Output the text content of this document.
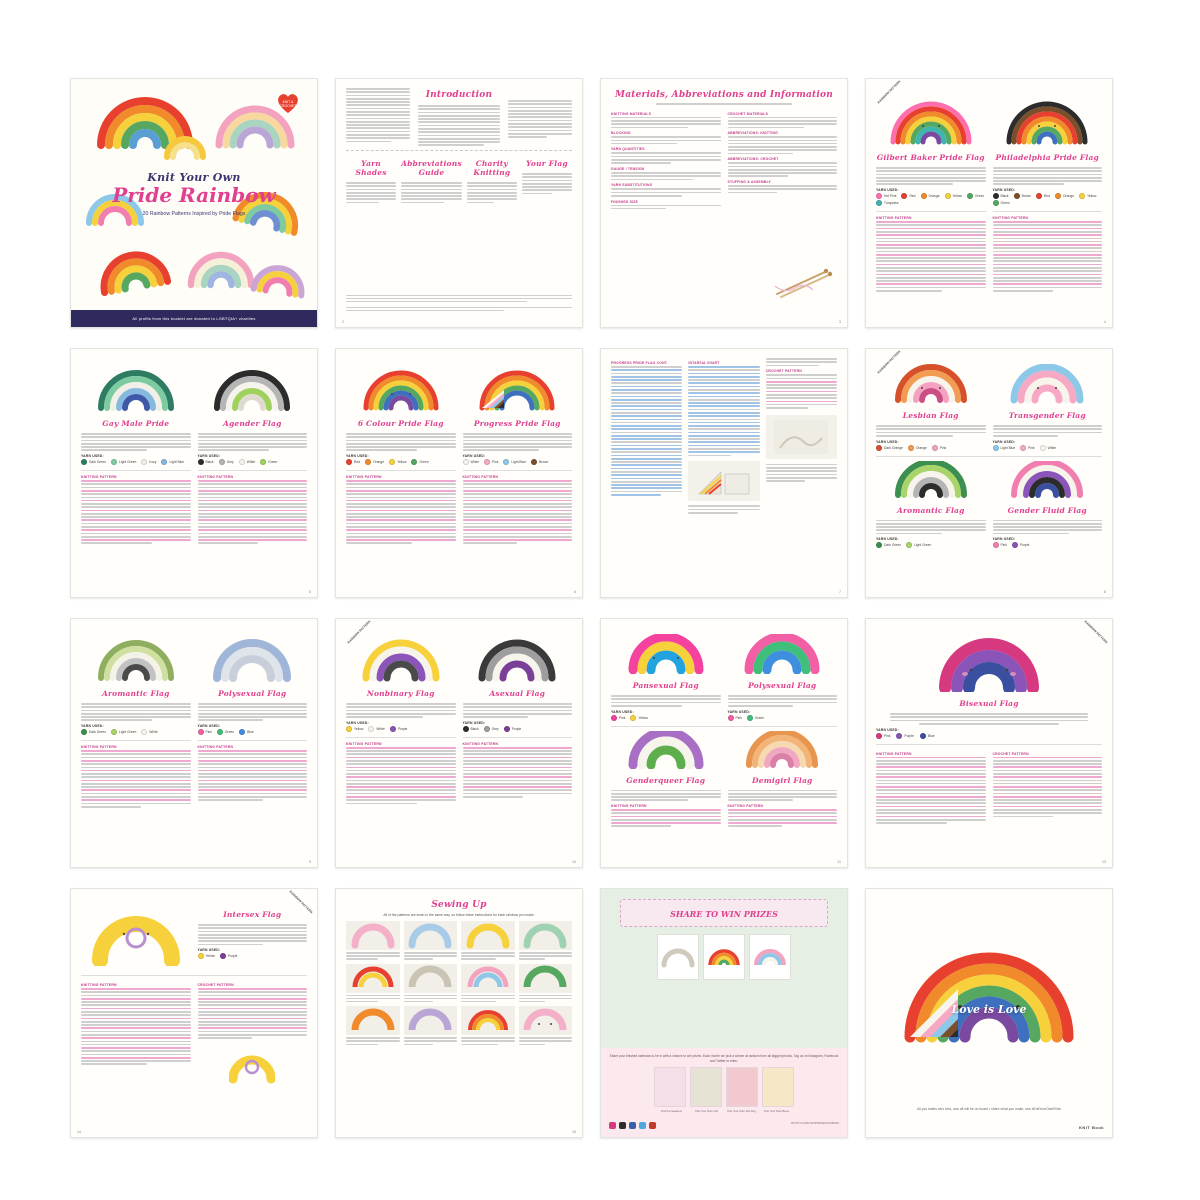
KNIT &
CROCHET
Knit Your Own
Pride Rainbow
20 Rainbow Patterns Inspired by Pride Flags
All profits from this booklet are donated to LGBTQIA+ charities
Introduction
Yarn Shades
Abbreviations Guide
Charity Knitting
Your Flag
2
Materials, Abbreviations and Information
KNITTING MATERIALS
BLOCKING
YARN QUANTITIES
GAUGE / TENSION
YARN SUBSTITUTIONS
FINISHED SIZE
CROCHET MATERIALS
ABBREVIATIONS: KNITTING
ABBREVIATIONS: CROCHET
STUFFING & ASSEMBLY
3
RAINBOW PATTERN
Gilbert Baker Pride Flag
YARN USED:
Hot Pink	Red	Orange	Yellow	Green
Turquoise
KNITTING PATTERN
Philadelphia Pride Flag
YARN USED:
Black	Brown	Red	Orange	Yellow
Green
KNITTING PATTERN
4
Gay Male Pride
YARN USED:
Dark Green	Light Green	Ivory	Light Blue
KNITTING PATTERN
Agender Flag
YARN USED:
Black	Grey	White	Green
KNITTING PATTERN
5
6 Colour Pride Flag
YARN USED:
Red	Orange	Yellow	Green
KNITTING PATTERN
Progress Pride Flag
YARN USED:
White	Pink	Light Blue	Brown
KNITTING PATTERN
6
PROGRESS PRIDE FLAG CONT.	INTARSIA CHART
CROCHET PATTERN
7
RAINBOW PATTERN
Lesbian Flag
YARN USED:
Dark Orange	Orange	Pink
Transgender Flag
YARN USED:
Light Blue	Pink	White
Aromantic Flag
YARN USED:
Dark Green	Light Green
Gender Fluid Flag
YARN USED:
Pink	Purple
8
Aromantic Flag
YARN USED:
Dark Green	Light Green	White
KNITTING PATTERN
Polysexual Flag
YARN USED:
Pink	Green	Blue
KNITTING PATTERN
9
RAINBOW PATTERN
Nonbinary Flag
YARN USED:
Yellow	White	Purple
KNITTING PATTERN
Asexual Flag
YARN USED:
Black	Grey	Purple
KNITTING PATTERN
10
Pansexual Flag
YARN USED:
Pink	Yellow
Polysexual Flag
YARN USED:
Pink	Green
Genderqueer Flag
KNITTING PATTERN
Demigirl Flag
KNITTING PATTERN
11
RAINBOW PATTERN
Bisexual Flag
YARN USED:
Pink	Purple	Blue
KNITTING PATTERN	CROCHET PATTERN
13
RAINBOW PATTERN
Intersex Flag
YARN USED:
Yellow	Purple
KNITTING PATTERN	CROCHET PATTERN
14
Sewing Up
All of the patterns are sewn in the same way, so follow these instructions for each rainbow you make.
15
SHARE TO WIN PRIZES
Share your finished rainbows to be in with a chance to win prizes. Each month we pick a winner at random from all tagged photos. Tag us on Instagram, Facebook and Twitter to enter.
Knit the Seasons	Knit Your Own Cat	Knit Your Own Pet Dog	Knit Your Own Bees
#KNITYOUROWNPRIDERAINBOW
Love is Love
All you ladies who sew, now all will be on board • share what you make, use #KnitYourOwnPride
KNIT Book
